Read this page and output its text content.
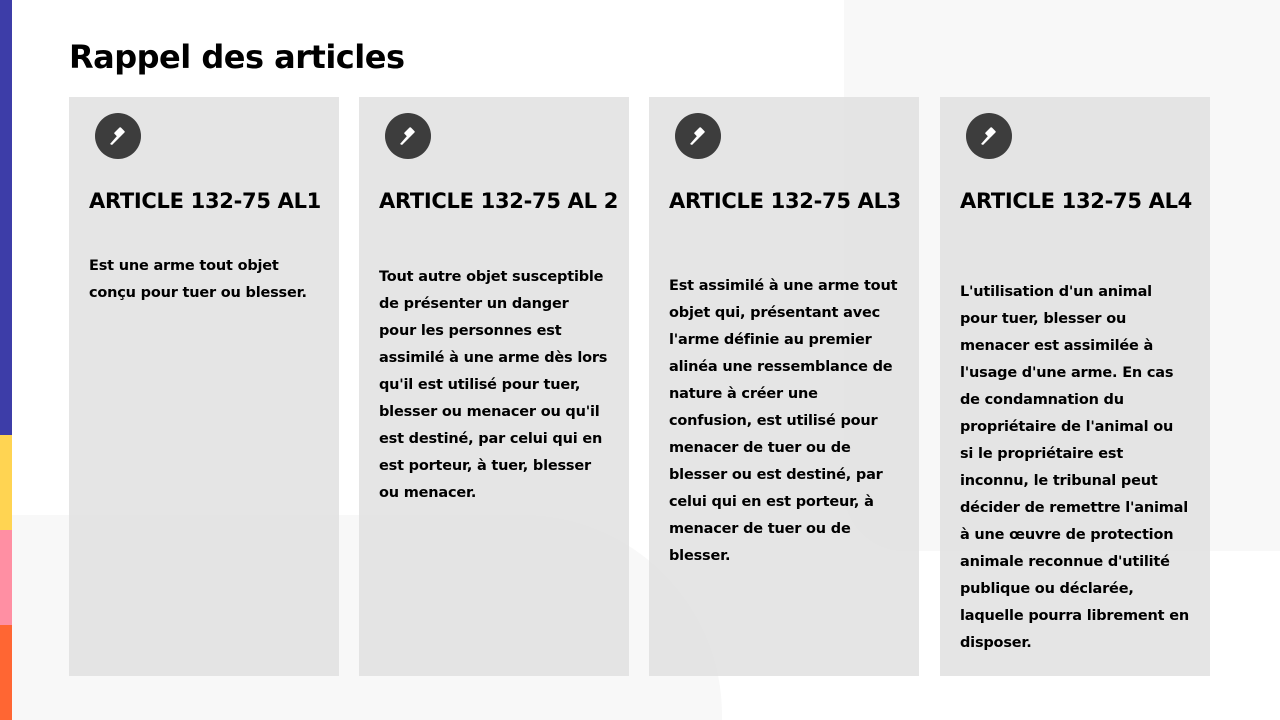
Rappel des articles
ARTICLE 132-75 AL1
Est une arme tout objet conçu pour tuer ou blesser.
ARTICLE 132-75 AL 2
Tout autre objet susceptible de présenter un danger pour les personnes est assimilé à une arme dès lors qu'il est utilisé pour tuer, blesser ou menacer ou qu'il est destiné, par celui qui en est porteur, à tuer, blesser ou menacer.
ARTICLE 132-75 AL3
Est assimilé à une arme tout objet qui, présentant avec l'arme définie au premier alinéa une ressemblance de nature à créer une confusion, est utilisé pour menacer de tuer ou de blesser ou est destiné, par celui qui en est porteur, à menacer de tuer ou de blesser.
ARTICLE 132-75 AL4
L'utilisation d'un animal pour tuer, blesser ou menacer est assimilée à l'usage d'une arme. En cas de condamnation du propriétaire de l'animal ou si le propriétaire est inconnu, le tribunal peut décider de remettre l'animal à une œuvre de protection animale reconnue d'utilité publique ou déclarée, laquelle pourra librement en disposer.
